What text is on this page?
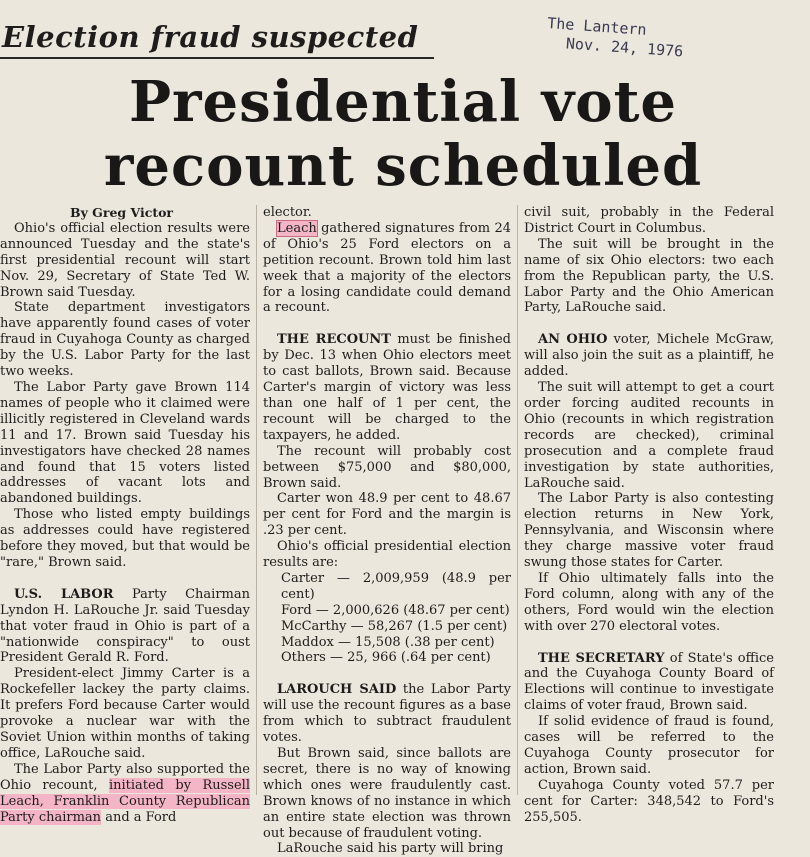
Election fraud suspected	The Lantern
Nov. 24, 1976
Presidential vote recount scheduled

By Greg Victor

Ohio's official election results were announced Tuesday and the state's first presidential recount will start Nov. 29, Secretary of State Ted W. Brown said Tuesday.

State department investigators have apparently found cases of voter fraud in Cuyahoga County as charged by the U.S. Labor Party for the last two weeks.

The Labor Party gave Brown 114 names of people who it claimed were illicitly registered in Cleveland wards 11 and 17. Brown said Tuesday his investigators have checked 28 names and found that 15 voters listed addresses of vacant lots and abandoned buildings.

Those who listed empty buildings as addresses could have registered before they moved, but that would be "rare," Brown said.

U.S. LABOR Party Chairman Lyndon H. LaRouche Jr. said Tuesday that voter fraud in Ohio is part of a "nationwide conspiracy" to oust President Gerald R. Ford.

President-elect Jimmy Carter is a Rockefeller lackey the party claims. It prefers Ford because Carter would provoke a nuclear war with the Soviet Union within months of taking office, LaRouche said.

The Labor Party also supported the Ohio recount, initiated by Russell Leach, Franklin County Republican Party chairman and a Ford

elector.

Leach gathered signatures from 24 of Ohio's 25 Ford electors on a petition recount. Brown told him last week that a majority of the electors for a losing candidate could demand a recount.

THE RECOUNT must be finished by Dec. 13 when Ohio electors meet to cast ballots, Brown said. Because Carter's margin of victory was less than one half of 1 per cent, the recount will be charged to the taxpayers, he added.

The recount will probably cost between $75,000 and $80,000, Brown said.

Carter won 48.9 per cent to 48.67 per cent for Ford and the margin is .23 per cent.

Ohio's official presidential election results are:

Carter — 2,009,959 (48.9 per cent)

Ford — 2,000,626 (48.67 per cent)

McCarthy — 58,267 (1.5 per cent)

Maddox — 15,508 (.38 per cent)

Others — 25, 966 (.64 per cent)

LAROUCH SAID the Labor Party will use the recount figures as a base from which to subtract fraudulent votes.

But Brown said, since ballots are secret, there is no way of knowing which ones were fraudulently cast. Brown knows of no instance in which an entire state election was thrown out because of fraudulent voting.

LaRouche said his party will bring

civil suit, probably in the Federal District Court in Columbus.

The suit will be brought in the name of six Ohio electors: two each from the Republican party, the U.S. Labor Party and the Ohio American Party, LaRouche said.

AN OHIO voter, Michele McGraw, will also join the suit as a plaintiff, he added.

The suit will attempt to get a court order forcing audited recounts in Ohio (recounts in which registration records are checked), criminal prosecution and a complete fraud investigation by state authorities, LaRouche said.

The Labor Party is also contesting election returns in New York, Pennsylvania, and Wisconsin where they charge massive voter fraud swung those states for Carter.

If Ohio ultimately falls into the Ford column, along with any of the others, Ford would win the election with over 270 electoral votes.

THE SECRETARY of State's office and the Cuyahoga County Board of Elections will continue to investigate claims of voter fraud, Brown said.

If solid evidence of fraud is found, cases will be referred to the Cuyahoga County prosecutor for action, Brown said.

Cuyahoga County voted 57.7 per cent for Carter: 348,542 to Ford's 255,505.
